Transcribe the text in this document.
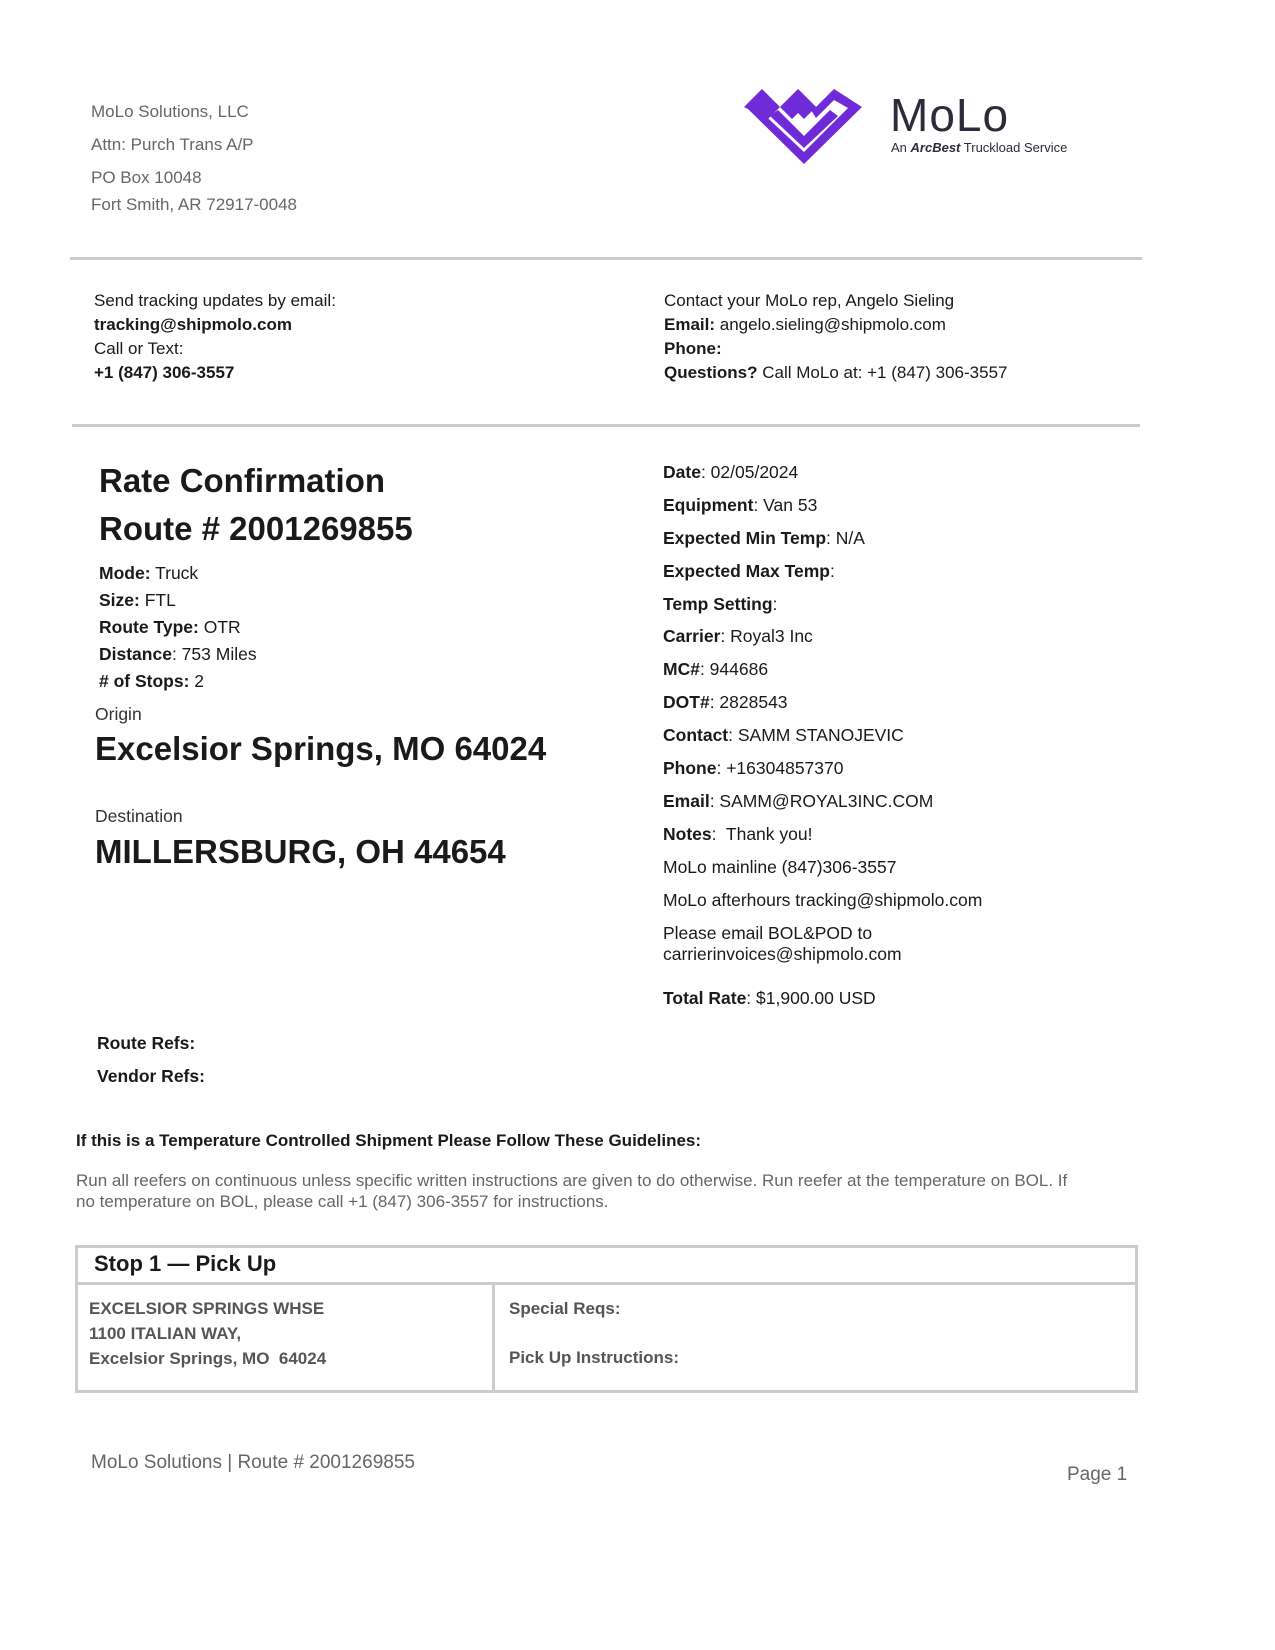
MoLo Solutions, LLC
Attn: Purch Trans A/P
PO Box 10048
Fort Smith, AR 72917-0048
MoLo
An ArcBest Truckload Service
Send tracking updates by email:
tracking@shipmolo.com
Call or Text:
+1 (847) 306-3557
Contact your MoLo rep, Angelo Sieling
Email: angelo.sieling@shipmolo.com
Phone:
Questions? Call MoLo at: +1 (847) 306-3557
Rate Confirmation
Route # 2001269855
Mode: Truck
Size: FTL
Route Type: OTR
Distance: 753 Miles
# of Stops: 2
Origin
Excelsior Springs, MO 64024
Destination
MILLERSBURG, OH 44654
Date: 02/05/2024
Equipment: Van 53
Expected Min Temp: N/A
Expected Max Temp:
Temp Setting:
Carrier: Royal3 Inc
MC#: 944686
DOT#: 2828543
Contact: SAMM STANOJEVIC
Phone: +16304857370
Email: SAMM@ROYAL3INC.COM
Notes:  Thank you!
MoLo mainline (847)306-3557
MoLo afterhours tracking@shipmolo.com
Please email BOL&POD to
carrierinvoices@shipmolo.com
Total Rate: $1,900.00 USD
Route Refs:
Vendor Refs:
If this is a Temperature Controlled Shipment Please Follow These Guidelines:
Run all reefers on continuous unless specific written instructions are given to do otherwise. Run reefer at the temperature on BOL. If
no temperature on BOL, please call +1 (847) 306-3557 for instructions.
Stop 1 — Pick Up
EXCELSIOR SPRINGS WHSE
1100 ITALIAN WAY,
Excelsior Springs, MO  64024
Special Reqs:
Pick Up Instructions:
MoLo Solutions | Route # 2001269855
Page 1
